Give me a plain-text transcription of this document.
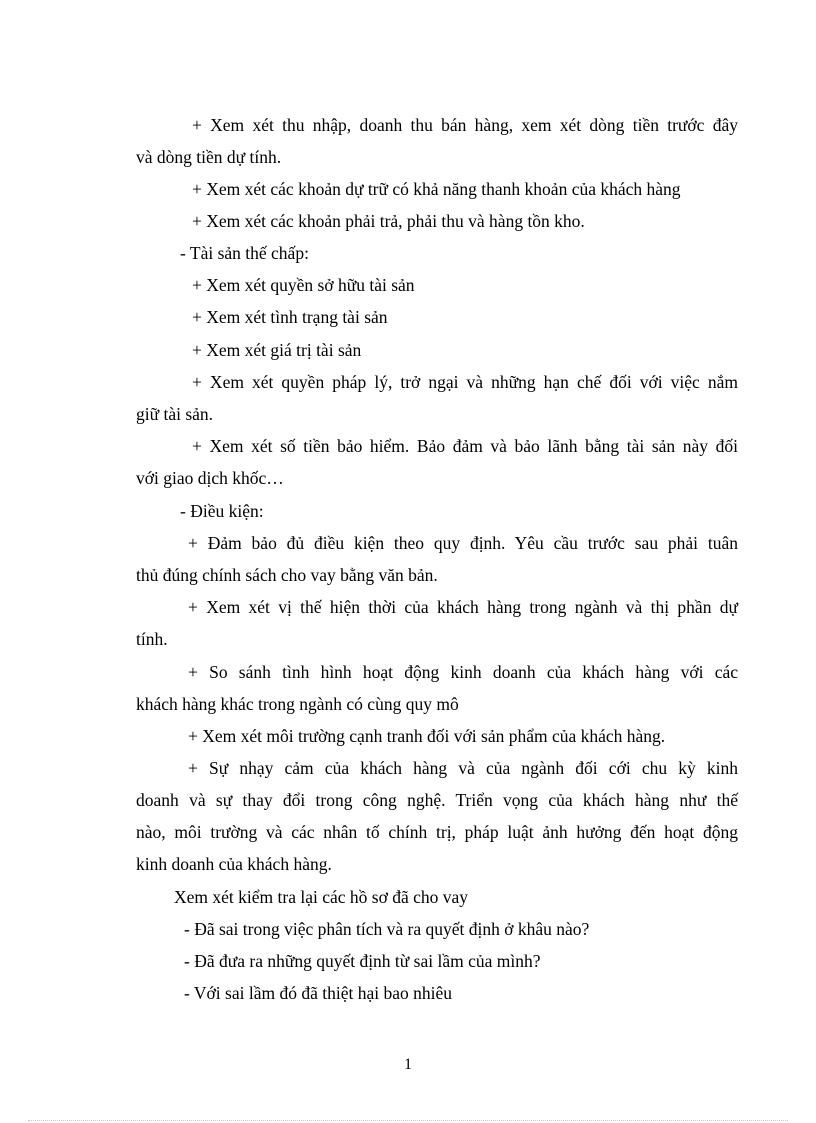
+ Xem xét thu nhập, doanh thu bán hàng, xem xét dòng tiền trước đây
và dòng tiền dự tính.
+ Xem xét các khoản dự trữ có khả năng thanh khoản của khách hàng
+ Xem xét các khoản phải trả, phải thu và hàng tồn kho.
- Tài sản thế chấp:
+ Xem xét quyền sở hữu tài sản
+ Xem xét tình trạng tài sản
+ Xem xét giá trị tài sản
+ Xem xét quyền pháp lý, trở ngại và những hạn chế đối với việc nắm
giữ tài sản.
+ Xem xét số tiền bảo hiểm. Bảo đảm và bảo lãnh bằng tài sản này đối
với giao dịch khốc…
- Điều kiện:
+ Đảm bảo đủ điều kiện theo quy định. Yêu cầu trước sau phải tuân
thủ đúng chính sách cho vay bằng văn bản.
+ Xem xét vị thế hiện thời của khách hàng trong ngành và thị phần dự
tính.
+ So sánh tình hình hoạt động kinh doanh của khách hàng với các
khách hàng khác trong ngành có cùng quy mô
+ Xem xét môi trường cạnh tranh đối với sản phẩm của khách hàng.
+ Sự nhạy cảm của khách hàng và của ngành đối cới chu kỳ kinh
doanh và sự thay đổi trong công nghệ. Triển vọng của khách hàng như thế
nào, môi trường và các nhân tố chính trị, pháp luật ảnh hưởng đến hoạt động
kinh doanh của khách hàng.
Xem xét kiểm tra lại các hồ sơ đã cho vay
- Đã sai trong việc phân tích và ra quyết định ở khâu nào?
- Đã đưa ra những quyết định từ sai lầm của mình?
- Với sai lầm đó đã thiệt hại bao nhiêu
1
